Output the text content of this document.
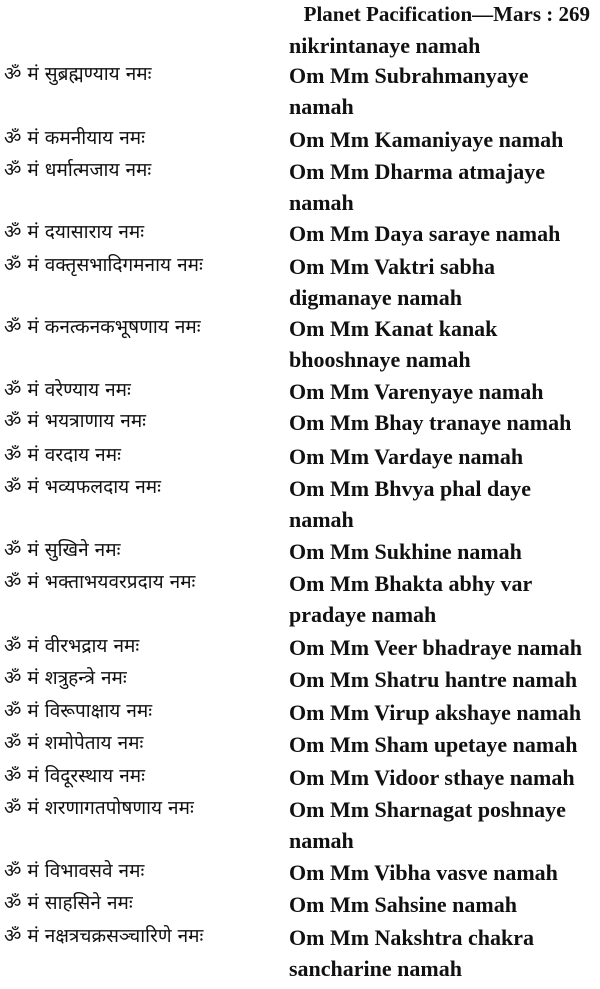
Planet Pacification—Mars : 269
nikrintanaye namah
ॐ मं सुब्रह्मण्याय नमः	Om Mm Subrahmanyaye
namah
ॐ मं कमनीयाय नमः	Om Mm Kamaniyaye namah
ॐ मं धर्मात्मजाय नमः	Om Mm Dharma atmajaye
namah
ॐ मं दयासाराय नमः	Om Mm Daya saraye namah
ॐ मं वक्तृसभादिगमनाय नमः	Om Mm Vaktri sabha
digmanaye namah
ॐ मं कनत्कनकभूषणाय नमः	Om Mm Kanat kanak
bhooshnaye namah
ॐ मं वरेण्याय नमः	Om Mm Varenyaye namah
ॐ मं भयत्राणाय नमः	Om Mm Bhay tranaye namah
ॐ मं वरदाय नमः	Om Mm Vardaye namah
ॐ मं भव्यफलदाय नमः	Om Mm Bhvya phal daye
namah
ॐ मं सुखिने नमः	Om Mm Sukhine namah
ॐ मं भक्ताभयवरप्रदाय नमः	Om Mm Bhakta abhy var
pradaye namah
ॐ मं वीरभद्राय नमः	Om Mm Veer bhadraye namah
ॐ मं शत्रुहन्त्रे नमः	Om Mm Shatru hantre namah
ॐ मं विरूपाक्षाय नमः	Om Mm Virup akshaye namah
ॐ मं शमोपेताय नमः	Om Mm Sham upetaye namah
ॐ मं विदूरस्थाय नमः	Om Mm Vidoor sthaye namah
ॐ मं शरणागतपोषणाय नमः	Om Mm Sharnagat poshnaye
namah
ॐ मं विभावसवे नमः	Om Mm Vibha vasve namah
ॐ मं साहसिने नमः	Om Mm Sahsine namah
ॐ मं नक्षत्रचक्रसञ्चारिणे नमः	Om Mm Nakshtra chakra
sancharine namah
